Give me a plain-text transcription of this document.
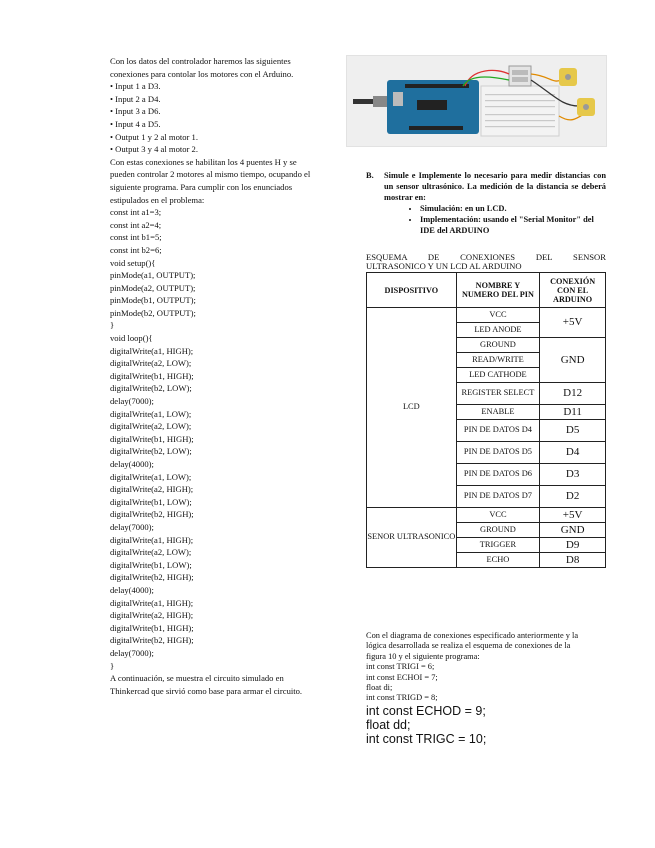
Con los datos del controlador haremos las siguientes conexiones para contolar los motores con el Arduino.

• Input 1 a D3.
• Input 2 a D4.
• Input 3 a D6.
• Input 4 a D5.
• Output 1 y 2 al motor 1.
• Output 3 y 4 al motor 2.

Con estas conexiones se habilitan los 4 puentes H y se pueden controlar 2 motores al mismo tiempo, ocupando el siguiente programa. Para cumplir con los enunciados estipulados en el problema:

const int a1=3;
const int a2=4;
const int b1=5;
const int b2=6;
void setup(){
pinMode(a1, OUTPUT);
pinMode(a2, OUTPUT);
pinMode(b1, OUTPUT);
pinMode(b2, OUTPUT);
}
void loop(){
digitalWrite(a1, HIGH);
digitalWrite(a2, LOW);
digitalWrite(b1, HIGH);
digitalWrite(b2, LOW);
delay(7000);
digitalWrite(a1, LOW);
digitalWrite(a2, LOW);
digitalWrite(b1, HIGH);
digitalWrite(b2, LOW);
delay(4000);
digitalWrite(a1, LOW);
digitalWrite(a2, HIGH);
digitalWrite(b1, LOW);
digitalWrite(b2, HIGH);
delay(7000);
digitalWrite(a1, HIGH);
digitalWrite(a2, LOW);
digitalWrite(b1, LOW);
digitalWrite(b2, HIGH);
delay(4000);
digitalWrite(a1, HIGH);
digitalWrite(a2, HIGH);
digitalWrite(b1, HIGH);
digitalWrite(b2, HIGH);
delay(7000);
}

A continuación, se muestra el circuito simulado en Thinkercad que sirvió como base para armar el circuito.

B.	Simule e Implemente lo necesario para medir distancias con un sensor ultrasónico. La medición de la distancia se deberá mostrar en:
• Simulación: en un LCD.
• Implementación: usando el "Serial Monitor" del IDE del ARDUINO
ESQUEMA DE CONEXIONES DEL SENSOR
ULTRASONICO Y UN LCD AL ARDUINO
DISPOSITIVO	NOMBRE Y NUMERO DEL PIN	CONEXIÓN CON EL ARDUINO
LCD	VCC	+5V
	LED ANODE	
	GROUND	GND
	READ/WRITE	
	LED CATHODE	
	REGISTER SELECT	D12
	ENABLE	D11
	PIN DE DATOS D4	D5
	PIN DE DATOS D5	D4
	PIN DE DATOS D6	D3
	PIN DE DATOS D7	D2
SENOR ULTRASONICO	VCC	+5V
	GROUND	GND
	TRIGGER	D9
	ECHO	D8

Con el diagrama de conexiones especificado anteriormente y la lógica desarrollada se realiza el esquema de conexiones de la figura 10 y el siguiente programa:

int const TRIGI = 6;
int const ECHOI = 7;
float di;
int const TRIGD = 8;
int const ECHOD = 9;
float dd;
int const TRIGC = 10;
